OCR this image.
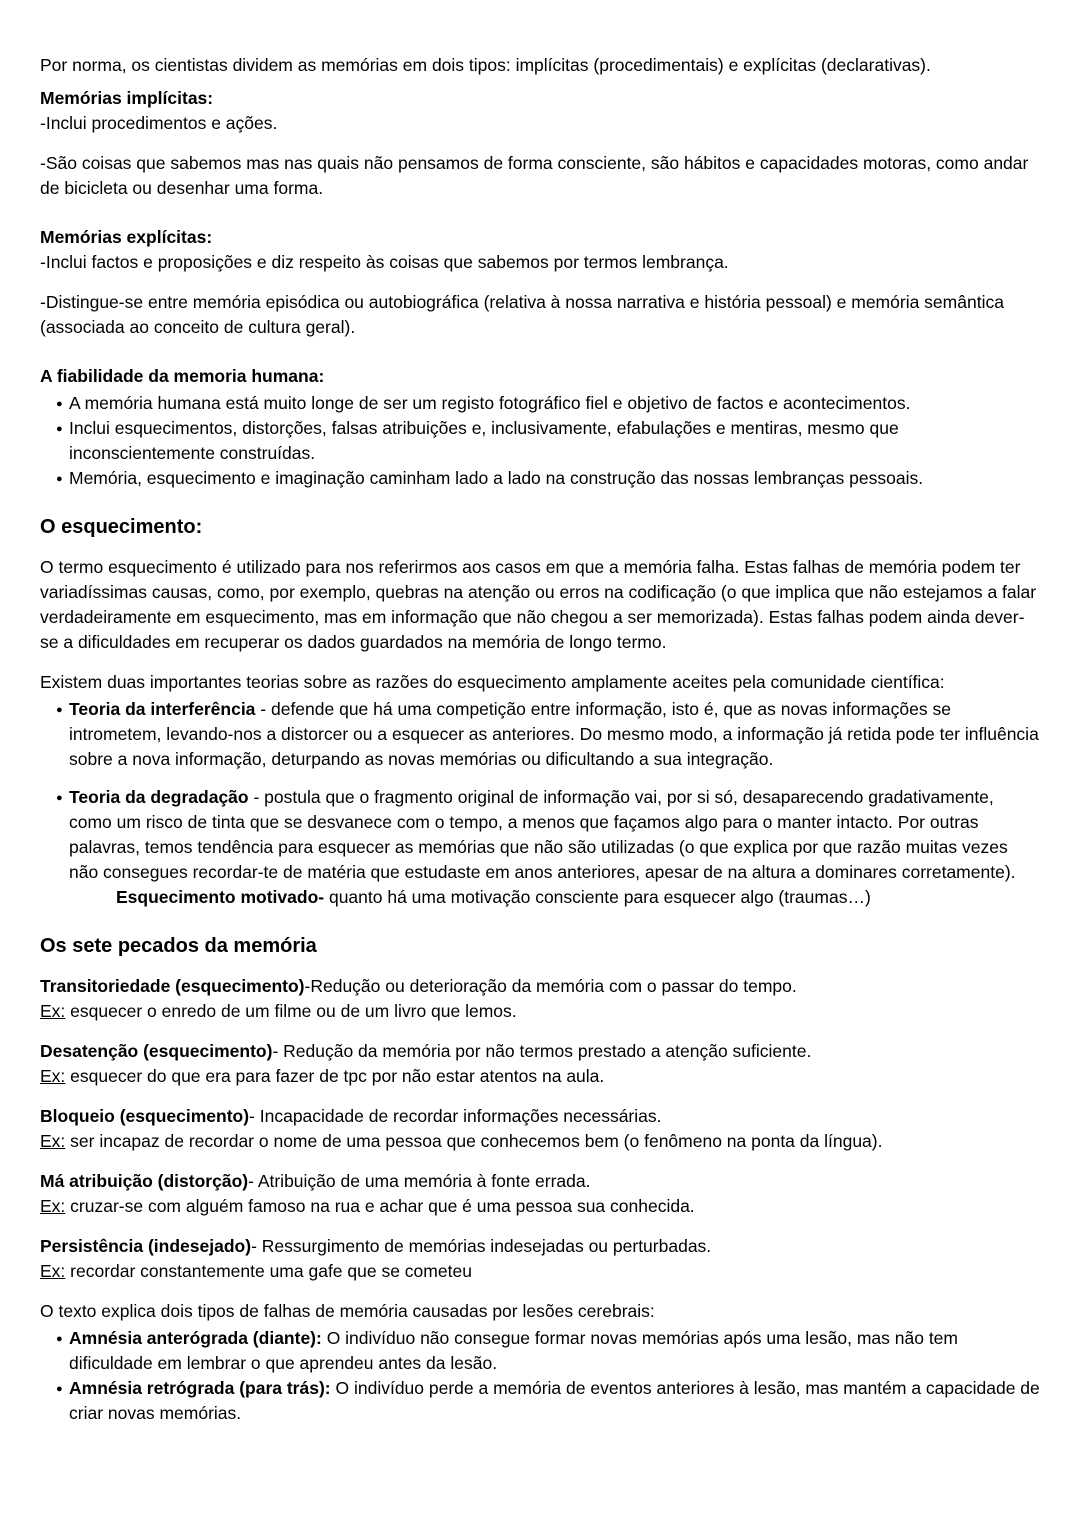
Por norma, os cientistas dividem as memórias em dois tipos: implícitas (procedimentais) e explícitas (declarativas).
Memórias implícitas:
-Inclui procedimentos e ações.
-São coisas que sabemos mas nas quais não pensamos de forma consciente, são hábitos e capacidades motoras, como andar de bicicleta ou desenhar uma forma.
Memórias explícitas:
-Inclui factos e proposições e diz respeito às coisas que sabemos por termos lembrança.
-Distingue-se entre memória episódica ou autobiográfica (relativa à nossa narrativa e história pessoal) e memória semântica (associada ao conceito de cultura geral).
A fiabilidade da memoria humana:
● A memória humana está muito longe de ser um registo fotográfico fiel e objetivo de factos e acontecimentos.
● Inclui esquecimentos, distorções, falsas atribuições e, inclusivamente, efabulações e mentiras, mesmo que inconscientemente construídas.
● Memória, esquecimento e imaginação caminham lado a lado na construção das nossas lembranças pessoais.
O esquecimento:
O termo esquecimento é utilizado para nos referirmos aos casos em que a memória falha. Estas falhas de memória podem ter variadíssimas causas, como, por exemplo, quebras na atenção ou erros na codificação (o que implica que não estejamos a falar verdadeiramente em esquecimento, mas em informação que não chegou a ser memorizada). Estas falhas podem ainda dever-se a dificuldades em recuperar os dados guardados na memória de longo termo.
Existem duas importantes teorias sobre as razões do esquecimento amplamente aceites pela comunidade científica:
● Teoria da interferência - defende que há uma competição entre informação, isto é, que as novas informações se intrometem, levando-nos a distorcer ou a esquecer as anteriores. Do mesmo modo, a informação já retida pode ter influência sobre a nova informação, deturpando as novas memórias ou dificultando a sua integração.
● Teoria da degradação - postula que o fragmento original de informação vai, por si só, desaparecendo gradativamente, como um risco de tinta que se desvanece com o tempo, a menos que façamos algo para o manter intacto. Por outras palavras, temos tendência para esquecer as memórias que não são utilizadas (o que explica por que razão muitas vezes não consegues recordar-te de matéria que estudaste em anos anteriores, apesar de na altura a dominares corretamente).
Esquecimento motivado- quanto há uma motivação consciente para esquecer algo (traumas…)
Os sete pecados da memória
Transitoriedade (esquecimento)-Redução ou deterioração da memória com o passar do tempo.
Ex: esquecer o enredo de um filme ou de um livro que lemos.
Desatenção (esquecimento)- Redução da memória por não termos prestado a atenção suficiente.
Ex: esquecer do que era para fazer de tpc por não estar atentos na aula.
Bloqueio (esquecimento)- Incapacidade de recordar informações necessárias.
Ex: ser incapaz de recordar o nome de uma pessoa que conhecemos bem (o fenômeno na ponta da língua).
Má atribuição (distorção)- Atribuição de uma memória à fonte errada.
Ex: cruzar-se com alguém famoso na rua e achar que é uma pessoa sua conhecida.
Persistência (indesejado)- Ressurgimento de memórias indesejadas ou perturbadas.
Ex: recordar constantemente uma gafe que se cometeu
O texto explica dois tipos de falhas de memória causadas por lesões cerebrais:
● Amnésia anterógrada (diante): O indivíduo não consegue formar novas memórias após uma lesão, mas não tem dificuldade em lembrar o que aprendeu antes da lesão.
● Amnésia retrógrada (para trás): O indivíduo perde a memória de eventos anteriores à lesão, mas mantém a capacidade de criar novas memórias.
